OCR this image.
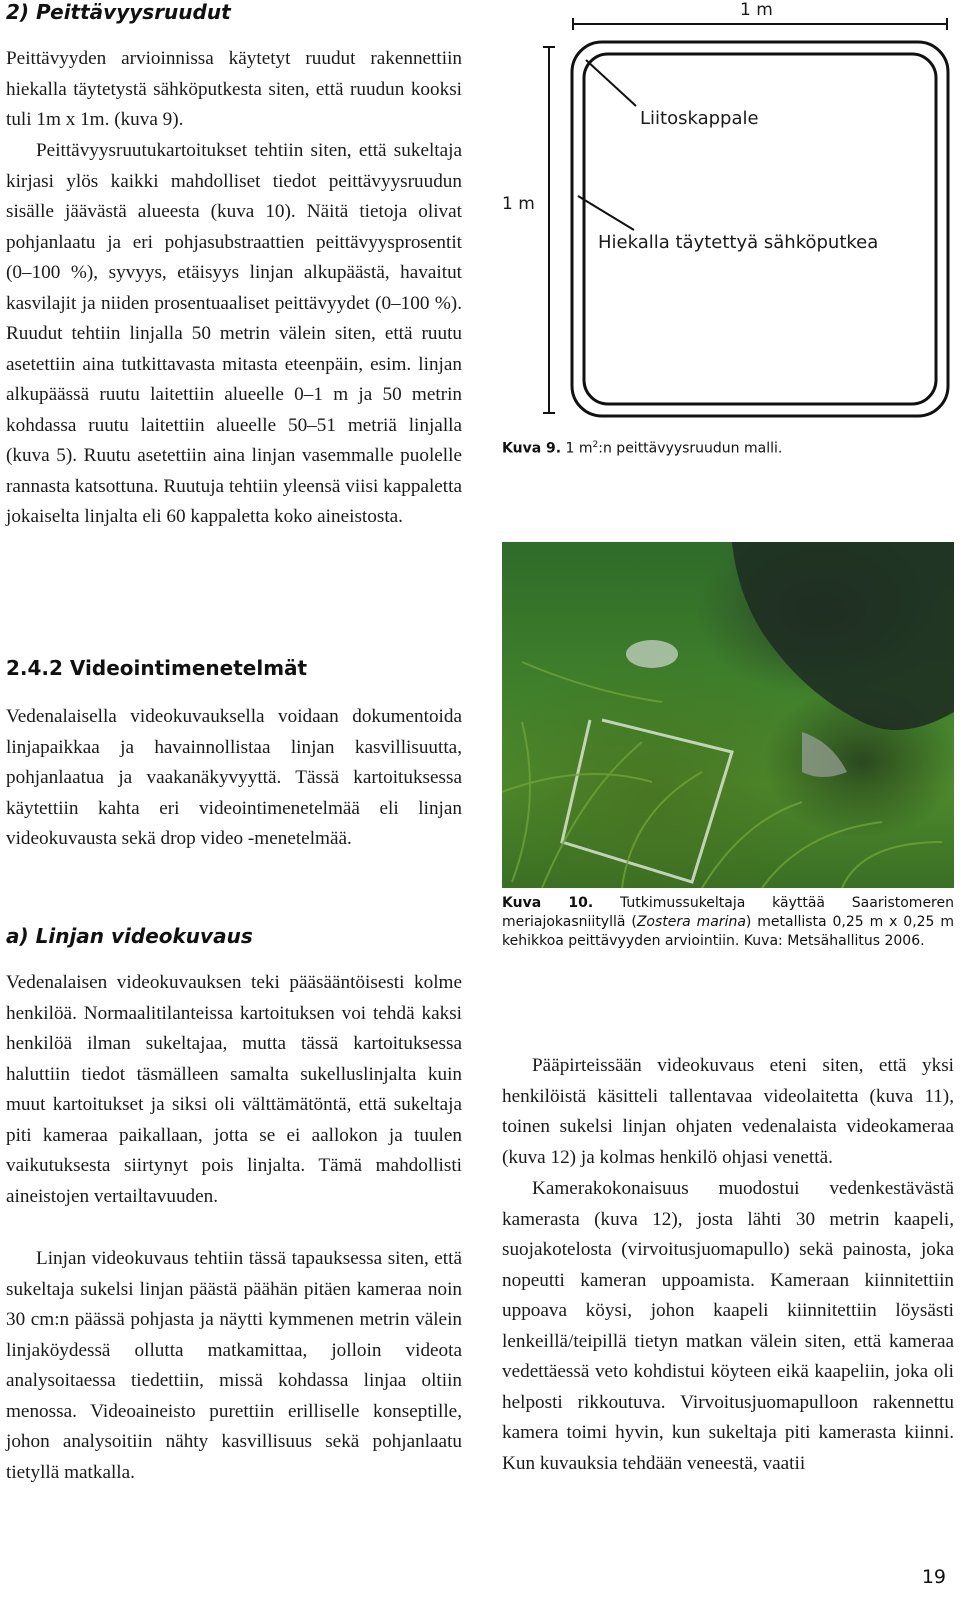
2) Peittävyysruudut

Peittävyyden arvioinnissa käytetyt ruudut rakennettiin hiekalla täytetystä sähköputkesta siten, että ruudun kooksi tuli 1m x 1m. (kuva 9).

Peittävyysruutukartoitukset tehtiin siten, että sukeltaja kirjasi ylös kaikki mahdolliset tiedot peittävyysruudun sisälle jäävästä alueesta (kuva 10). Näitä tietoja olivat pohjanlaatu ja eri pohjasubstraattien peittävyysprosentit (0–100 %), syvyys, etäisyys linjan alkupäästä, havaitut kasvilajit ja niiden prosentuaaliset peittävyydet (0–100 %). Ruudut tehtiin linjalla 50 metrin välein siten, että ruutu asetettiin aina tutkittavasta mitasta eteenpäin, esim. linjan alkupäässä ruutu laitettiin alueelle 0–1 m ja 50 metrin kohdassa ruutu laitettiin alueelle 50–51 metriä linjalla (kuva 5). Ruutu asetettiin aina linjan vasemmalle puolelle rannasta katsottuna. Ruutuja tehtiin yleensä viisi kappaletta jokaiselta linjalta eli 60 kappaletta koko aineistosta.

2.4.2 Videointimenetelmät

Vedenalaisella videokuvauksella voidaan dokumentoida linjapaikkaa ja havainnollistaa linjan kasvillisuutta, pohjanlaatua ja vaakanäkyvyyttä. Tässä kartoituksessa käytettiin kahta eri videointimenetelmää eli linjan videokuvausta sekä drop video -menetelmää.

a) Linjan videokuvaus

Vedenalaisen videokuvauksen teki pääsääntöisesti kolme henkilöä. Normaalitilanteissa kartoituksen voi tehdä kaksi henkilöä ilman sukeltajaa, mutta tässä kartoituksessa haluttiin tiedot täsmälleen samalta sukelluslinjalta kuin muut kartoitukset ja siksi oli välttämätöntä, että sukeltaja piti kameraa paikallaan, jotta se ei aallokon ja tuulen vaikutuksesta siirtynyt pois linjalta. Tämä mahdollisti aineistojen vertailtavuuden.

Linjan videokuvaus tehtiin tässä tapauksessa siten, että sukeltaja sukelsi linjan päästä päähän pitäen kameraa noin 30 cm:n päässä pohjasta ja näytti kymmenen metrin välein linjaköydessä ollutta matkamittaa, jolloin videota analysoitaessa tiedettiin, missä kohdassa linjaa oltiin menossa. Videoaineisto purettiin erilliselle konseptille, johon analysoitiin nähty kasvillisuus sekä pohjanlaatu tietyllä matkalla.

1 m
1 m
Liitoskappale
Hiekalla täytettyä sähköputkea

Kuva 9. 1 $m^2:n$ peittävyysruudun malli.

Kuva 10. Tutkimussukeltaja käyttää Saaristomeren meriajokasniityllä (Zostera marina) metallista 0,25 m x 0,25 m kehikkoa peittävyyden arviointiin. Kuva: Metsähallitus 2006.

Pääpirteissään videokuvaus eteni siten, että yksi henkilöistä käsitteli tallentavaa videolaitetta (kuva 11), toinen sukelsi linjan ohjaten vedenalaista videokameraa (kuva 12) ja kolmas henkilö ohjasi venettä.

Kamerakokonaisuus muodostui vedenkestävästä kamerasta (kuva 12), josta lähti 30 metrin kaapeli, suojakotelosta (virvoitusjuomapullo) sekä painosta, joka nopeutti kameran uppoamista. Kameraan kiinnitettiin uppoava köysi, johon kaapeli kiinnitettiin löysästi lenkeillä/teipillä tietyn matkan välein siten, että kameraa vedettäessä veto kohdistui köyteen eikä kaapeliin, joka oli helposti rikkoutuva. Virvoitusjuomapulloon rakennettu kamera toimi hyvin, kun sukeltaja piti kamerasta kiinni. Kun kuvauksia tehdään veneestä, vaatii

19
